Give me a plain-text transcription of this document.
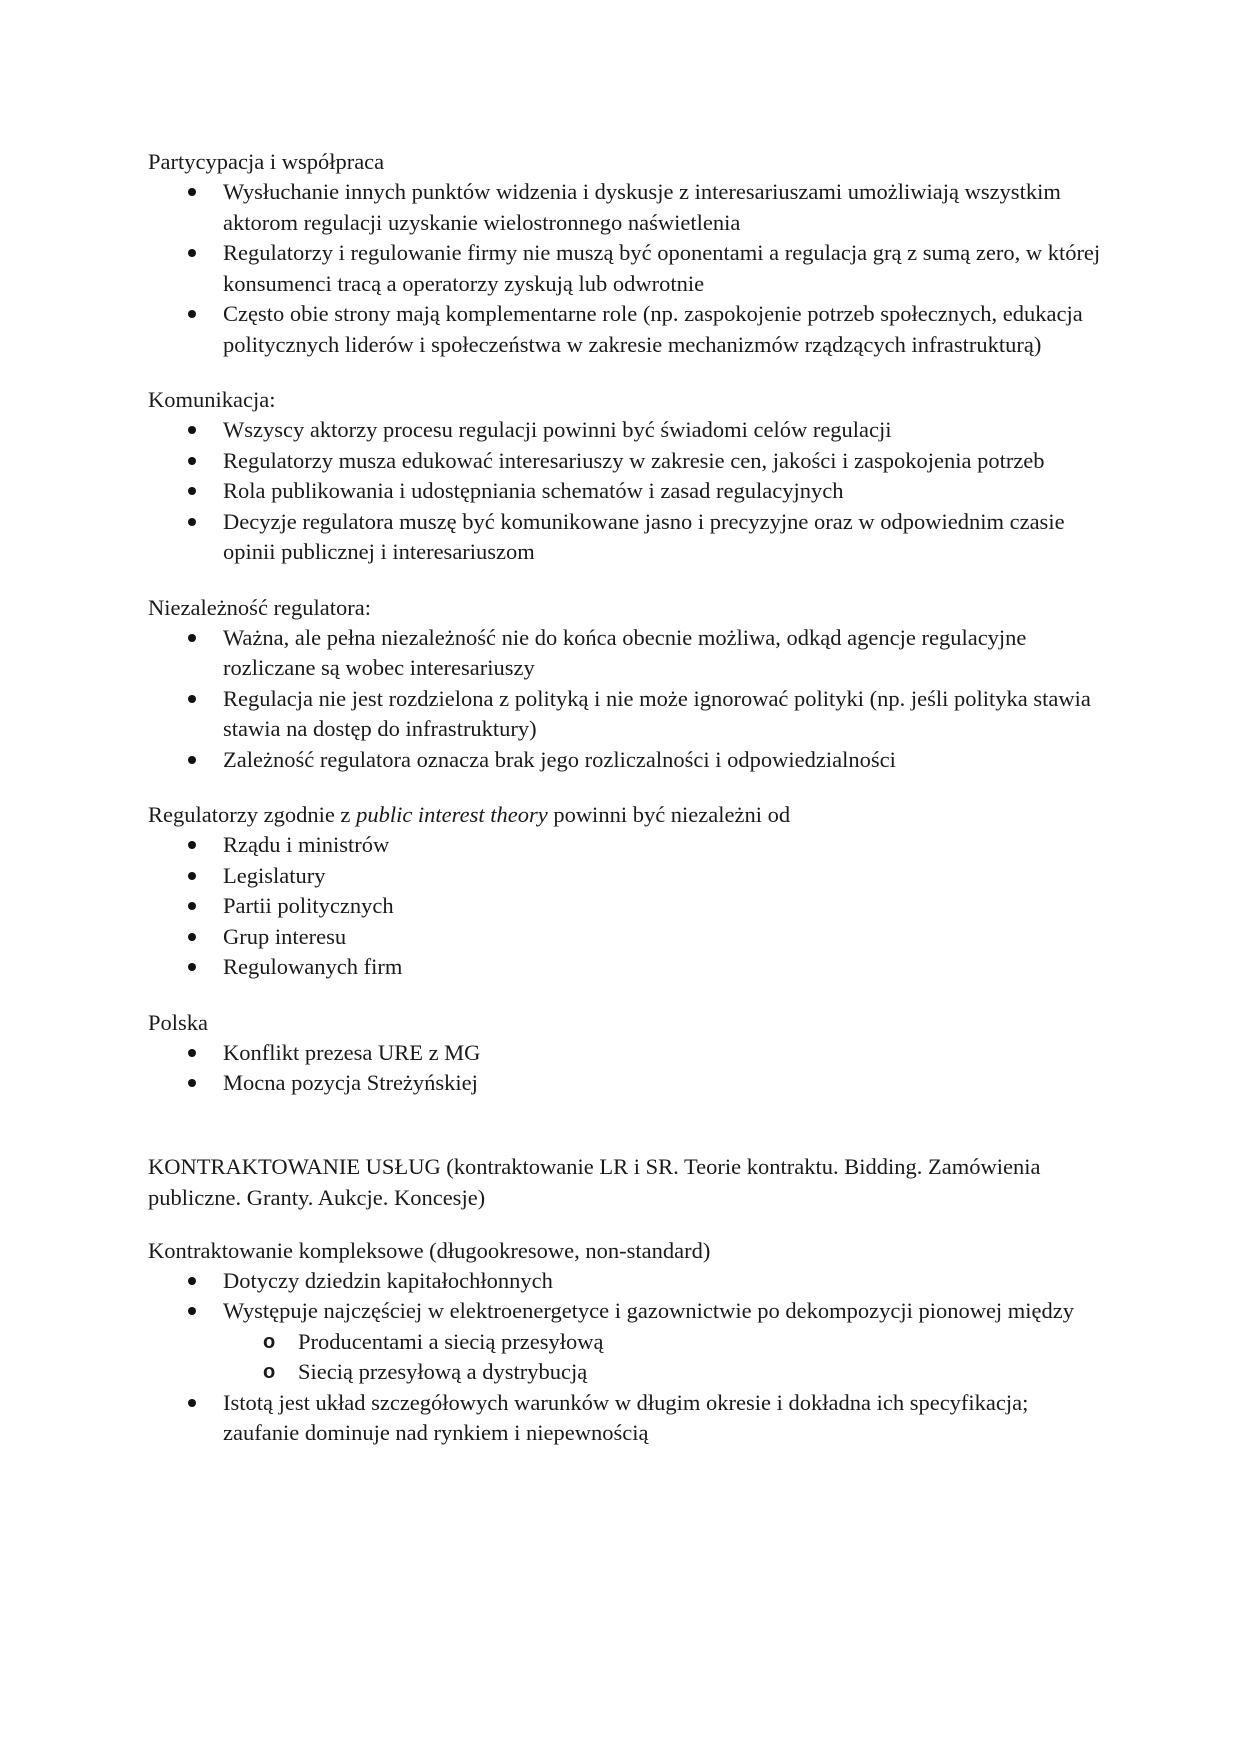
Partycypacja i współpraca

Wysłuchanie innych punktów widzenia i dyskusje z interesariuszami umożliwiają wszystkim aktorom regulacji uzyskanie wielostronnego naświetlenia
Regulatorzy i regulowanie firmy nie muszą być oponentami a regulacja grą z sumą zero, w której konsumenci tracą a operatorzy zyskują lub odwrotnie
Często obie strony mają komplementarne role (np. zaspokojenie potrzeb społecznych, edukacja politycznych liderów i społeczeństwa w zakresie mechanizmów rządzących infrastrukturą)

Komunikacja:

Wszyscy aktorzy procesu regulacji powinni być świadomi celów regulacji
Regulatorzy musza edukować interesariuszy w zakresie cen, jakości i zaspokojenia potrzeb
Rola publikowania i udostępniania schematów i zasad regulacyjnych
Decyzje regulatora muszę być komunikowane jasno i precyzyjne oraz w odpowiednim czasie opinii publicznej i interesariuszom

Niezależność regulatora:

Ważna, ale pełna niezależność nie do końca obecnie możliwa, odkąd agencje regulacyjne rozliczane są wobec interesariuszy
Regulacja nie jest rozdzielona z polityką i nie może ignorować polityki (np. jeśli polityka stawia stawia na dostęp do infrastruktury)
Zależność regulatora oznacza brak jego rozliczalności i odpowiedzialności

Regulatorzy zgodnie z public interest theory powinni być niezależni od

Rządu i ministrów
Legislatury
Partii politycznych
Grup interesu
Regulowanych firm

Polska

Konflikt prezesa URE z MG
Mocna pozycja Streżyńskiej

KONTRAKTOWANIE USŁUG (kontraktowanie LR i SR. Teorie kontraktu. Bidding. Zamówienia publiczne. Granty. Aukcje. Koncesje)

Kontraktowanie kompleksowe (długookresowe, non-standard)

Dotyczy dziedzin kapitałochłonnych
Występuje najczęściej w elektroenergetyce i gazownictwie po dekompozycji pionowej między
o Producentami a siecią przesyłową
o Siecią przesyłową a dystrybucją
Istotą jest układ szczegółowych warunków w długim okresie i dokładna ich specyfikacja; zaufanie dominuje nad rynkiem i niepewnością
